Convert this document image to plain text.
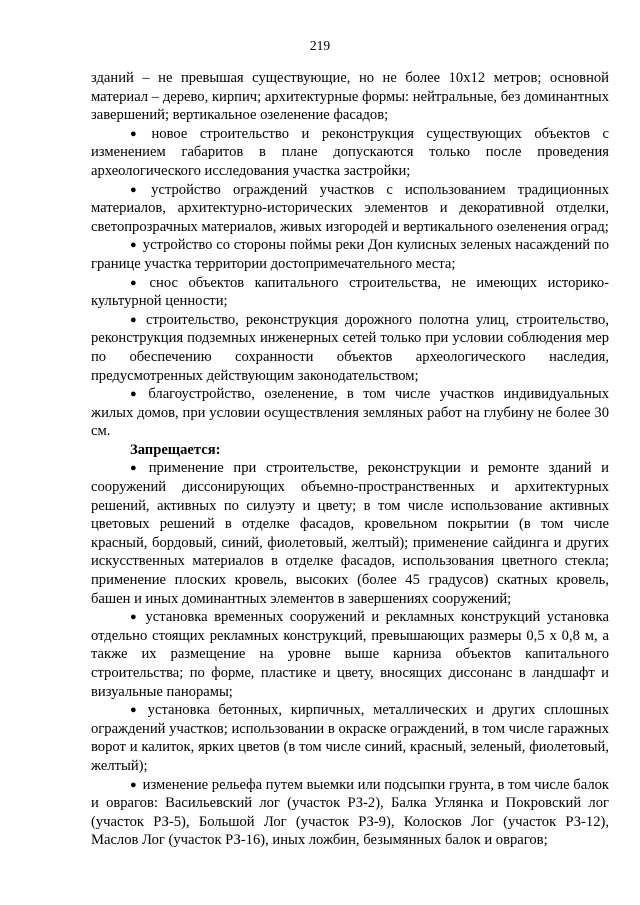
219

зданий – не превышая существующие, но не более 10х12 метров; основной материал – дерево, кирпич; архитектурные формы: нейтральные, без доминантных завершений; вертикальное озеленение фасадов;

● новое строительство и реконструкция существующих объектов с изменением габаритов в плане допускаются только после проведения археологического исследования участка застройки;

● устройство ограждений участков с использованием традиционных материалов, архитектурно-исторических элементов и декоративной отделки, светопрозрачных материалов, живых изгородей и вертикального озеленения оград;

● устройство со стороны поймы реки Дон кулисных зеленых насаждений по границе участка территории достопримечательного места;

● снос объектов капитального строительства, не имеющих историко-культурной ценности;

● строительство, реконструкция дорожного полотна улиц, строительство, реконструкция подземных инженерных сетей только при условии соблюдения мер по обеспечению сохранности объектов археологического наследия, предусмотренных действующим законодательством;

● благоустройство, озеленение, в том числе участков индивидуальных жилых домов, при условии осуществления земляных работ на глубину не более 30 см.

Запрещается:

● применение при строительстве, реконструкции и ремонте зданий и сооружений диссонирующих объемно-пространственных и архитектурных решений, активных по силуэту и цвету; в том числе использование активных цветовых решений в отделке фасадов, кровельном покрытии (в том числе красный, бордовый, синий, фиолетовый, желтый); применение сайдинга и других искусственных материалов в отделке фасадов, использования цветного стекла; применение плоских кровель, высоких (более 45 градусов) скатных кровель, башен и иных доминантных элементов в завершениях сооружений;

● установка временных сооружений и рекламных конструкций установка отдельно стоящих рекламных конструкций, превышающих размеры 0,5 х 0,8 м, а также их размещение на уровне выше карниза объектов капитального строительства; по форме, пластике и цвету, вносящих диссонанс в ландшафт и визуальные панорамы;

● установка бетонных, кирпичных, металлических и других сплошных ограждений участков; использовании в окраске ограждений, в том числе гаражных ворот и калиток, ярких цветов (в том числе синий, красный, зеленый, фиолетовый, желтый);

● изменение рельефа путем выемки или подсыпки грунта, в том числе балок и оврагов: Васильевский лог (участок РЗ-2), Балка Углянка и Покровский лог (участок РЗ-5), Большой Лог (участок РЗ-9), Колосков Лог (участок РЗ-12), Маслов Лог (участок РЗ-16), иных ложбин, безымянных балок и оврагов;
